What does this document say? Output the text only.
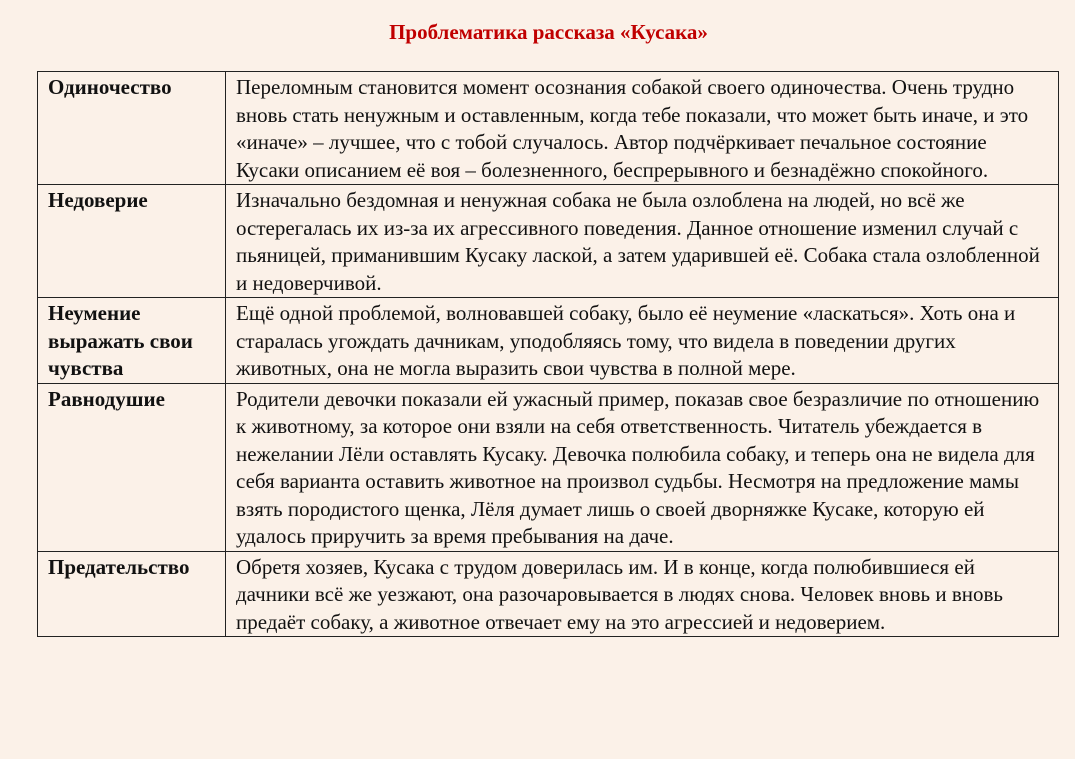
Проблематика рассказа «Кусака»
Одиночество	Переломным становится момент осознания собакой своего одиночества. Очень трудно вновь стать ненужным и оставленным, когда тебе показали, что может быть иначе, и это «иначе» – лучшее, что с тобой случалось. Автор подчёркивает печальное состояние Кусаки описанием её воя – болезненного, беспрерывного и безнадёжно спокойного.
Недоверие	Изначально бездомная и ненужная собака не была озлоблена на людей, но всё же остерегалась их из-за их агрессивного поведения. Данное отношение изменил случай с пьяницей, приманившим Кусаку лаской, а затем ударившей её. Собака стала озлобленной и недоверчивой.
Неумение выражать свои чувства	Ещё одной проблемой, волновавшей собаку, было её неумение «ласкаться». Хоть она и старалась угождать дачникам, уподобляясь тому, что видела в поведении других животных, она не могла выразить свои чувства в полной мере.
Равнодушие	Родители девочки показали ей ужасный пример, показав свое безразличие по отношению к животному, за которое они взяли на себя ответственность. Читатель убеждается в нежелании Лёли оставлять Кусаку. Девочка полюбила собаку, и теперь она не видела для себя варианта оставить животное на произвол судьбы. Несмотря на предложение мамы взять породистого щенка, Лёля думает лишь о своей дворняжке Кусаке, которую ей удалось приручить за время пребывания на даче.
Предательство	Обретя хозяев, Кусака с трудом доверилась им. И в конце, когда полюбившиеся ей дачники всё же уезжают, она разочаровывается в людях снова. Человек вновь и вновь предаёт собаку, а животное отвечает ему на это агрессией и недоверием.
